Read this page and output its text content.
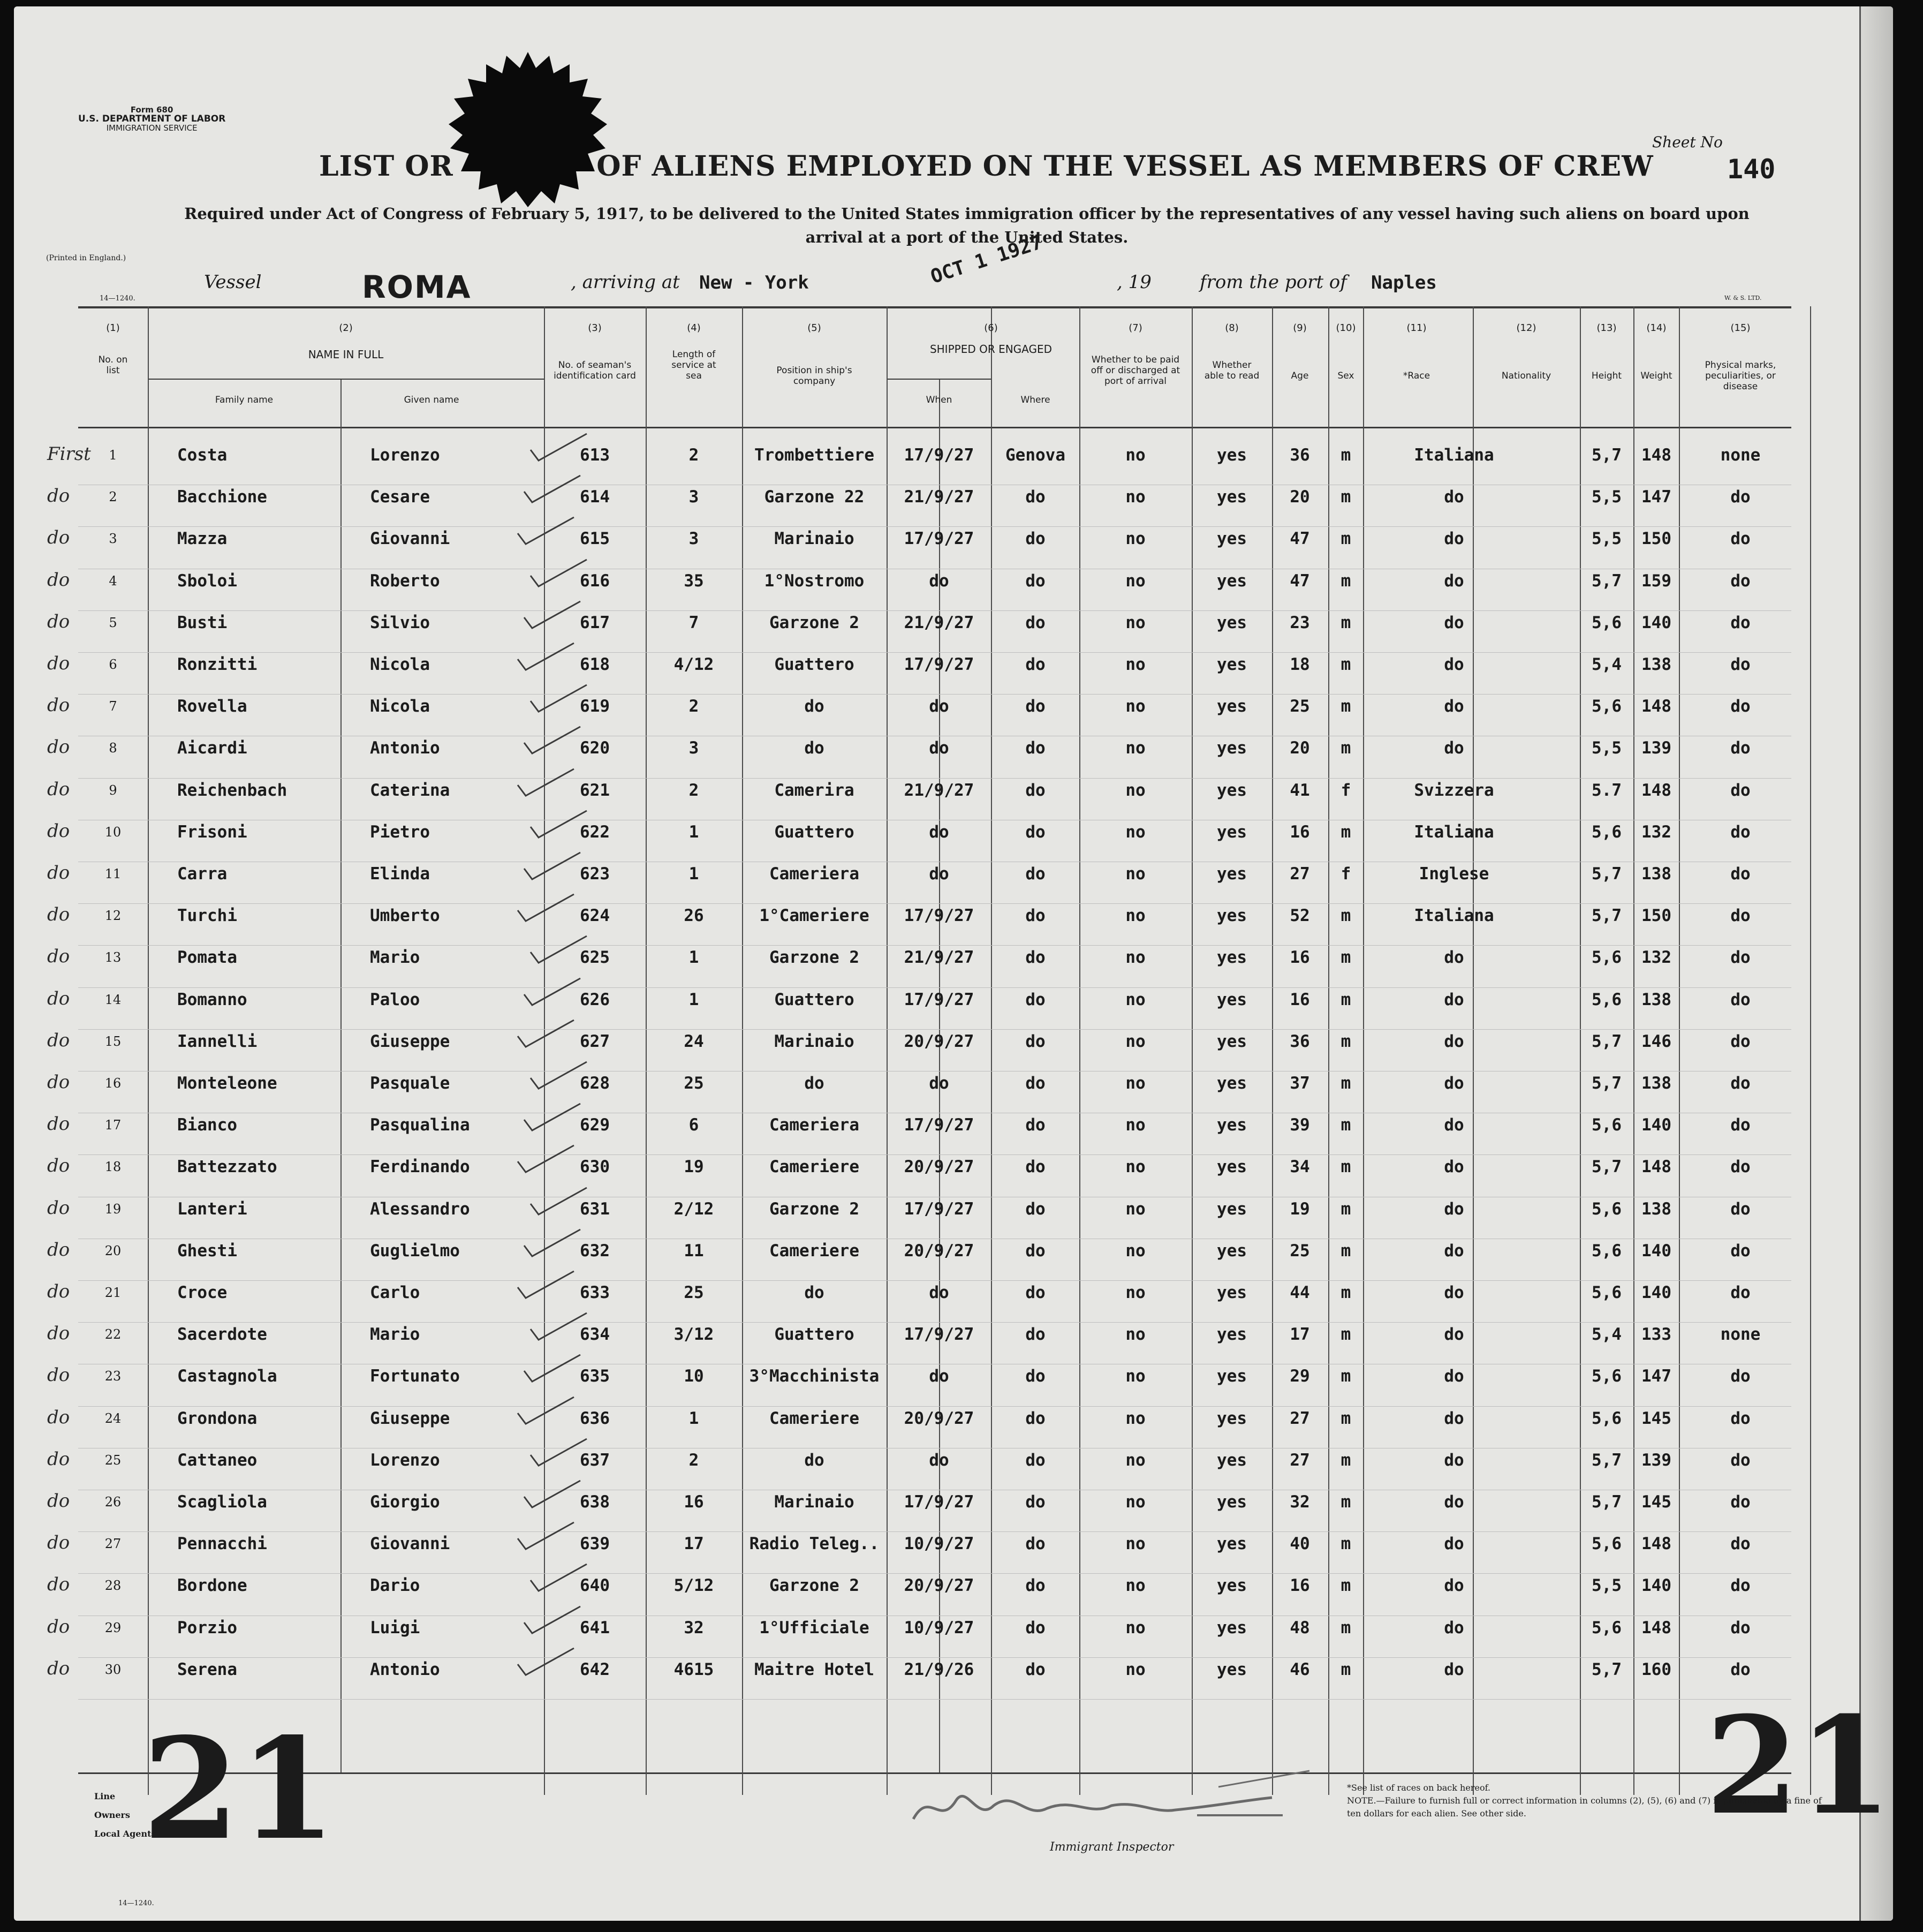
Form 680
U.S. DEPARTMENT OF LABOR
IMMIGRATION SERVICE
LIST OR              OF ALIENS EMPLOYED ON THE VESSEL AS MEMBERS OF CREW
Required under Act of Congress of February 5, 1917, to be delivered to the United States immigration officer by the representatives of any vessel having such aliens on board upon arrival at a port of the United States.
Sheet No
140
(Printed in England.)
14—1240.	W. & S. LTD.
Vessel	ROMA	, arriving at New - York	OCT 1 1927	, 19	from the port of Naples
(1)
No. on list
(2)
NAME IN FULL
(3)
No. of seaman's identification card
(4)
Length of service at sea
(5)
Position in ship's company
(6)
SHIPPED OR ENGAGED
(7)
Whether to be paid off or discharged at port of arrival
(8)
Whether able to read
(9)
Age
(10)
Sex
(11)
*Race
(12)
Nationality
(13)
Height
(14)
Weight
(15)
Physical marks, peculiarities, or disease
Family name	Given name	When	Where
First 1	Costa	Lorenzo	613	2	Trombettiere 17/9/27 Genova	no	yes	36 m	Italiana	5,7 148	none
do	2	Bacchione	Cesare	614	3	Garzone 22 21/9/27	do	no	yes	20 m	do	5,5 147	do
do	3	Mazza	Giovanni	615	3	Marinaio	17/9/27	do	no	yes	47 m	do	5,5 150	do
do	4	Sboloi	Roberto	616	35	1°Nostromo	do	do	no	yes	47 m	do	5,7 159	do
do	5	Busti	Silvio	617	7	Garzone 2	21/9/27	do	no	yes	23 m	do	5,6 140	do
do	6	Ronzitti	Nicola	618	4/12	Guattero	17/9/27	do	no	yes	18 m	do	5,4 138	do
do	7	Rovella	Nicola	619	2	do	do	do	no	yes	25 m	do	5,6 148	do
do	8	Aicardi	Antonio	620	3	do	do	do	no	yes	20 m	do	5,5 139	do
do	9	Reichenbach	Caterina	621	2	Camerira	21/9/27	do	no	yes	41 f	Svizzera	5.7 148	do
do	10	Frisoni	Pietro	622	1	Guattero	do	do	no	yes	16 m	Italiana	5,6 132	do
do	11	Carra	Elinda	623	1	Cameriera	do	do	no	yes	27 f	Inglese	5,7 138	do
do	12	Turchi	Umberto	624	26	1°Cameriere 17/9/27	do	no	yes	52 m	Italiana	5,7 150	do
do	13	Pomata	Mario	625	1	Garzone 2	21/9/27	do	no	yes	16 m	do	5,6 132	do
do	14	Bomanno	Paloo	626	1	Guattero	17/9/27	do	no	yes	16 m	do	5,6 138	do
do	15	Iannelli	Giuseppe	627	24	Marinaio	20/9/27	do	no	yes	36 m	do	5,7 146	do
do	16	Monteleone	Pasquale	628	25	do	do	do	no	yes	37 m	do	5,7 138	do
do	17	Bianco	Pasqualina	629	6	Cameriera	17/9/27	do	no	yes	39 m	do	5,6 140	do
do	18	Battezzato	Ferdinando	630	19	Cameriere	20/9/27	do	no	yes	34 m	do	5,7 148	do
do	19	Lanteri	Alessandro	631	2/12	Garzone 2	17/9/27	do	no	yes	19 m	do	5,6 138	do
do	20	Ghesti	Guglielmo	632	11	Cameriere	20/9/27	do	no	yes	25 m	do	5,6 140	do
do	21	Croce	Carlo	633	25	do	do	do	no	yes	44 m	do	5,6 140	do
do	22	Sacerdote	Mario	634	3/12	Guattero	17/9/27	do	no	yes	17 m	do	5,4 133	none
do	23	Castagnola	Fortunato	635	10	3°Macchinista	do	do	no	yes	29 m	do	5,6 147	do
do	24	Grondona	Giuseppe	636	1	Cameriere	20/9/27	do	no	yes	27 m	do	5,6 145	do
do	25	Cattaneo	Lorenzo	637	2	do	do	do	no	yes	27 m	do	5,7 139	do
do	26	Scagliola	Giorgio	638	16	Marinaio	17/9/27	do	no	yes	32 m	do	5,7 145	do
do	27	Pennacchi	Giovanni	639	17	Radio Teleg.. 10/9/27	do	no	yes	40 m	do	5,6 148	do
do	28	Bordone	Dario	640	5/12	Garzone 2	20/9/27	do	no	yes	16 m	do	5,5 140	do
do	29	Porzio	Luigi	641	32	1°Ufficiale 10/9/27	do	no	yes	48 m	do	5,6 148	do
do	30	Serena	Antonio	642	4615 Maitre Hotel 21/9/26	do	no	yes	46 m	do	5,7 160	do
21	21
Line
Owners
Local Agents
14—1240.
Immigrant Inspector
*See list of races on back hereof.
NOTE.—Failure to furnish full or correct information in columns (2), (5), (6) and (7) is punishable by a fine of ten dollars for each alien. See other side.
